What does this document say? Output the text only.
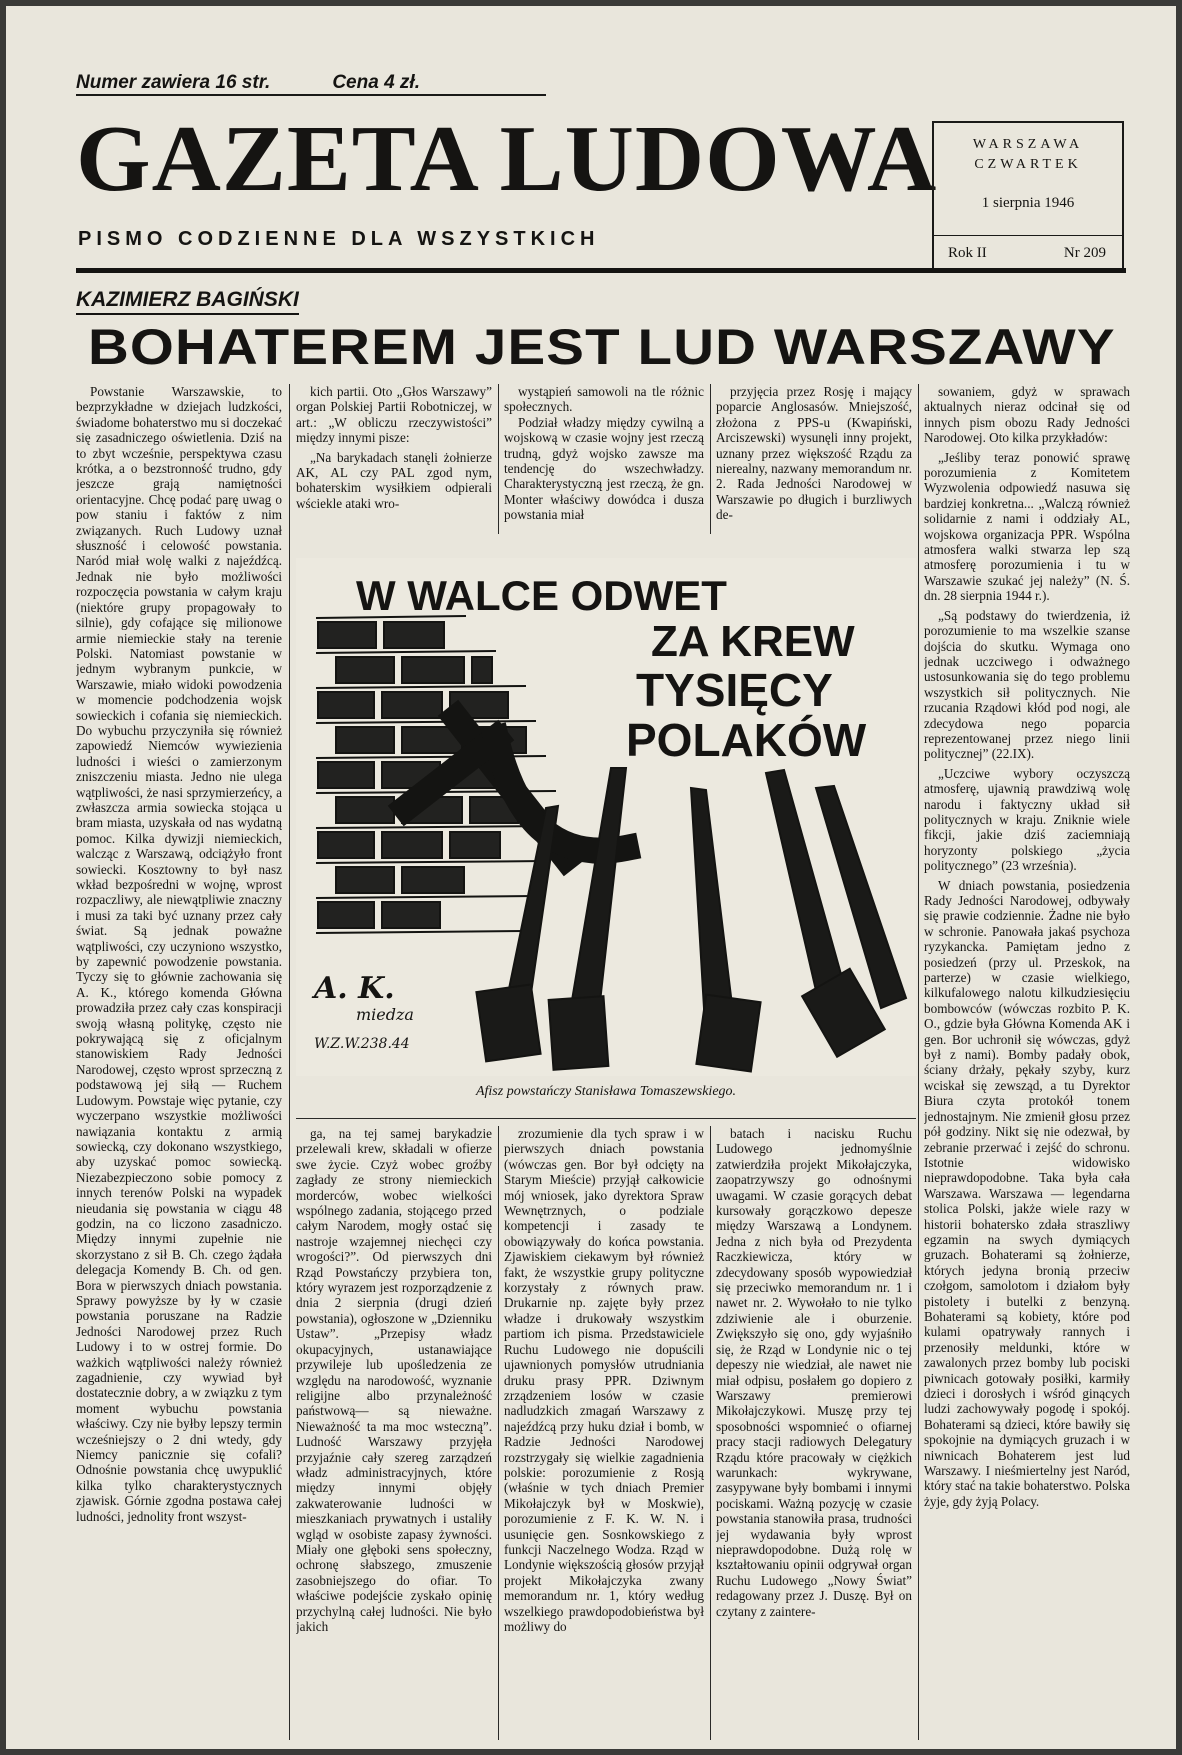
Numer zawiera 16 str.	Cena 4 zł.
GAZETA LUDOWA
PISMO CODZIENNE DLA WSZYSTKICH
WARSZAWA
CZWARTEK
1 sierpnia 1946
Rok II	Nr 209
KAZIMIERZ BAGIŃSKI
BOHATEREM JEST LUD WARSZAWY

Powstanie Warszawskie, to bezprzykładne w dziejach ludzkości, świadome bohaterstwo mu si doczekać się zasadniczego oświetlenia. Dziś na to zbyt wcześnie, perspektywa czasu krótka, a o bezstronność trudno, gdy jeszcze grają namiętności orientacyjne. Chcę podać parę uwag o pow staniu i faktów z nim związanych. Ruch Ludowy uznał słuszność i celowość powstania. Naród miał wolę walki z najeźdźcą. Jednak nie było możliwości rozpoczęcia powstania w całym kraju (niektóre grupy propagowały to silnie), gdy cofające się milionowe armie niemieckie stały na terenie Polski. Natomiast powstanie w jednym wybranym punkcie, w Warszawie, miało widoki powodzenia w momencie podchodzenia wojsk sowieckich i cofania się niemieckich. Do wybuchu przyczyniła się również zapowiedź Niemców wywiezienia ludności i wieści o zamierzonym zniszczeniu miasta. Jedno nie ulega wątpliwości, że nasi sprzymierzeńcy, a zwłaszcza armia sowiecka stojąca u bram miasta, uzyskała od nas wydatną pomoc. Kilka dywizji niemieckich, walcząc z Warszawą, odciążyło front sowiecki. Kosztowny to był nasz wkład bezpośredni w wojnę, wprost rozpaczliwy, ale niewątpliwie znaczny i musi za taki być uznany przez cały świat. Są jednak poważne wątpliwości, czy uczyniono wszystko, by zapewnić powodzenie powstania. Tyczy się to głównie zachowania się A. K., którego komenda Główna prowadziła przez cały czas konspiracji swoją własną politykę, często nie pokrywającą się z oficjalnym stanowiskiem Rady Jedności Narodowej, często wprost sprzeczną z podstawową jej siłą — Ruchem Ludowym. Powstaje więc pytanie, czy wyczerpano wszystkie możliwości nawiązania kontaktu z armią sowiecką, czy dokonano wszystkiego, aby uzyskać pomoc sowiecką. Niezabezpieczono sobie pomocy z innych terenów Polski na wypadek nieudania się powstania w ciągu 48 godzin, na co liczono zasadniczo. Między innymi zupełnie nie skorzystano z sił B. Ch. czego żądała delegacja Komendy B. Ch. od gen. Bora w pierwszych dniach powstania. Sprawy powyższe by ły w czasie powstania poruszane na Radzie Jedności Narodowej przez Ruch Ludowy i to w ostrej formie. Do ważkich wątpliwości należy również zagadnienie, czy wywiad był dostatecznie dobry, a w związku z tym moment wybuchu powstania właściwy. Czy nie byłby lepszy termin wcześniejszy o 2 dni wtedy, gdy Niemcy panicznie się cofali? Odnośnie powstania chcę uwypuklić kilka tylko charakterystycznych zjawisk. Górnie zgodna postawa całej ludności, jednolity front wszyst-

kich partii. Oto „Głos Warszawy” organ Polskiej Partii Robotniczej, w art.: „W obliczu rzeczywistości” między innymi pisze:

„Na barykadach stanęli żołnierze AK, AL czy PAL zgod nym, bohaterskim wysiłkiem odpierali wściekle ataki wro-

wystąpień samowoli na tle różnic społecznych.

Podział władzy między cywilną a wojskową w czasie wojny jest rzeczą trudną, gdyż wojsko zawsze ma tendencję do wszechwładzy. Charakterystyczną jest rzeczą, że gn. Monter właściwy dowódca i dusza powstania miał

przyjęcia przez Rosję i mający poparcie Anglosasów. Mniejszość, złożona z PPS-u (Kwapiński, Arciszewski) wysunęli inny projekt, uznany przez większość Rządu za nierealny, nazwany memorandum nr. 2. Rada Jedności Narodowej w Warszawie po długich i burzliwych de-

sowaniem, gdyż w sprawach aktualnych nieraz odcinał się od innych pism obozu Rady Jedności Narodowej. Oto kilka przykładów:

„Jeśliby teraz ponowić sprawę porozumienia z Komitetem Wyzwolenia odpowiedź nasuwa się bardziej konkretna... „Walczą również solidarnie z nami i oddziały AL, wojskowa organizacja PPR. Wspólna atmosfera walki stwarza lep szą atmosferę porozumienia i tu w Warszawie szukać jej należy” (N. Ś. dn. 28 sierpnia 1944 r.).

„Są podstawy do twierdzenia, iż porozumienie to ma wszelkie szanse dojścia do skutku. Wymaga ono jednak uczciwego i odważnego ustosunkowania się do tego problemu wszystkich sił politycznych. Nie rzucania Rządowi kłód pod nogi, ale zdecydowa nego poparcia reprezentowanej przez niego linii politycznej” (22.IX).

„Uczciwe wybory oczyszczą atmosferę, ujawnią prawdziwą wolę narodu i faktyczny układ sił politycznych w kraju. Zniknie wiele fikcji, jakie dziś zaciemniają horyzonty polskiego „życia politycznego” (23 września).

W dniach powstania, posiedzenia Rady Jedności Narodowej, odbywały się prawie codziennie. Żadne nie było w schronie. Panowała jakaś psychoza ryzykancka. Pamiętam jedno z posiedzeń (przy ul. Przeskok, na parterze) w czasie wielkiego, kilkufalowego nalotu kilkudziesięciu bombowców (wówczas rozbito P. K. O., gdzie była Główna Komenda AK i gen. Bor uchronił się wówczas, gdyż był z nami). Bomby padały obok, ściany drżały, pękały szyby, kurz wciskał się zewsząd, a tu Dyrektor Biura czyta protokół tonem jednostajnym. Nie zmienił głosu przez pół godziny. Nikt się nie odezwał, by zebranie przerwać i zejść do schronu. Istotnie widowisko nieprawdopodobne. Taka była cała Warszawa. Warszawa — legendarna stolica Polski, jakże wiele razy w historii bohatersko zdała straszliwy egzamin na swych dymiących gruzach. Bohaterami są żołnierze, których jedyna bronią przeciw czołgom, samolotom i działom były pistolety i butelki z benzyną. Bohaterami są kobiety, które pod kulami opatrywały rannych i przenosiły meldunki, które w zawalonych przez bomby lub pociski piwnicach gotowały posiłki, karmiły dzieci i dorosłych i wśród ginących ludzi zachowywały pogodę i spokój. Bohaterami są dzieci, które bawiły się spokojnie na dymiących gruzach i w niwnicach Bohaterem jest lud Warszawy. I nieśmiertelny jest Naród, który stać na takie bohaterstwo. Polska żyje, gdy żyją Polacy.

W WALCE ODWET
ZA KREW
TYSIĘCY
POLAKÓW
A. K.
miedza
W.Z.W.238.44
Afisz powstańczy Stanisława Tomaszewskiego.

ga, na tej samej barykadzie przelewali krew, składali w ofierze swe życie. Czyż wobec groźby zagłady ze strony niemieckich morderców, wobec wielkości wspólnego zadania, stojącego przed całym Narodem, mogły ostać się nastroje wzajemnej niechęci czy wrogości?”. Od pierwszych dni Rząd Powstańczy przybiera ton, który wyrazem jest rozporządzenie z dnia 2 sierpnia (drugi dzień powstania), ogłoszone w „Dzienniku Ustaw”. „Przepisy władz okupacyjnych, ustanawiające przywileje lub upośledzenia ze względu na narodowość, wyznanie religijne albo przynależność państwową— są nieważne. Nieważność ta ma moc wsteczną”. Ludność Warszawy przyjęła przyjaźnie cały szereg zarządzeń władz administracyjnych, które między innymi objęły zakwaterowanie ludności w mieszkaniach prywatnych i ustaliły wgląd w osobiste zapasy żywności. Miały one głęboki sens społeczny, ochronę słabszego, zmuszenie zasobniejszego do ofiar. To właściwe podejście zyskało opinię przychylną całej ludności. Nie było jakich

zrozumienie dla tych spraw i w pierwszych dniach powstania (wówczas gen. Bor był odcięty na Starym Mieście) przyjął całkowicie mój wniosek, jako dyrektora Spraw Wewnętrznych, o podziale kompetencji i zasady te obowiązywały do końca powstania. Zjawiskiem ciekawym był również fakt, że wszystkie grupy polityczne korzystały z równych praw. Drukarnie np. zajęte były przez władze i drukowały wszystkim partiom ich pisma. Przedstawiciele Ruchu Ludowego nie dopuścili ujawnionych pomysłów utrudniania druku prasy PPR. Dziwnym zrządzeniem losów w czasie nadludzkich zmagań Warszawy z najeźdźcą przy huku dział i bomb, w Radzie Jedności Narodowej rozstrzygały się wielkie zagadnienia polskie: porozumienie z Rosją (właśnie w tych dniach Premier Mikołajczyk był w Moskwie), porozumienie z F. K. W. N. i usunięcie gen. Sosnkowskiego z funkcji Naczelnego Wodza. Rząd w Londynie większością głosów przyjął projekt Mikołajczyka zwany memorandum nr. 1, który według wszelkiego prawdopodobieństwa był możliwy do

batach i nacisku Ruchu Ludowego jednomyślnie zatwierdziła projekt Mikołajczyka, zaopatrzywszy go odnośnymi uwagami. W czasie gorących debat kursowały gorączkowo depesze między Warszawą a Londynem. Jedna z nich była od Prezydenta Raczkiewicza, który w zdecydowany sposób wypowiedział się przeciwko memorandum nr. 1 i nawet nr. 2. Wywołało to nie tylko zdziwienie ale i oburzenie. Zwiększyło się ono, gdy wyjaśniło się, że Rząd w Londynie nic o tej depeszy nie wiedział, ale nawet nie miał odpisu, posłałem go dopiero z Warszawy premierowi Mikołajczykowi. Muszę przy tej sposobności wspomnieć o ofiarnej pracy stacji radiowych Delegatury Rządu które pracowały w ciężkich warunkach: wykrywane, zasypywane były bombami i innymi pociskami. Ważną pozycję w czasie powstania stanowiła prasa, trudności jej wydawania były wprost nieprawdopodobne. Dużą rolę w kształtowaniu opinii odgrywał organ Ruchu Ludowego „Nowy Świat” redagowany przez J. Duszę. Był on czytany z zaintere-
